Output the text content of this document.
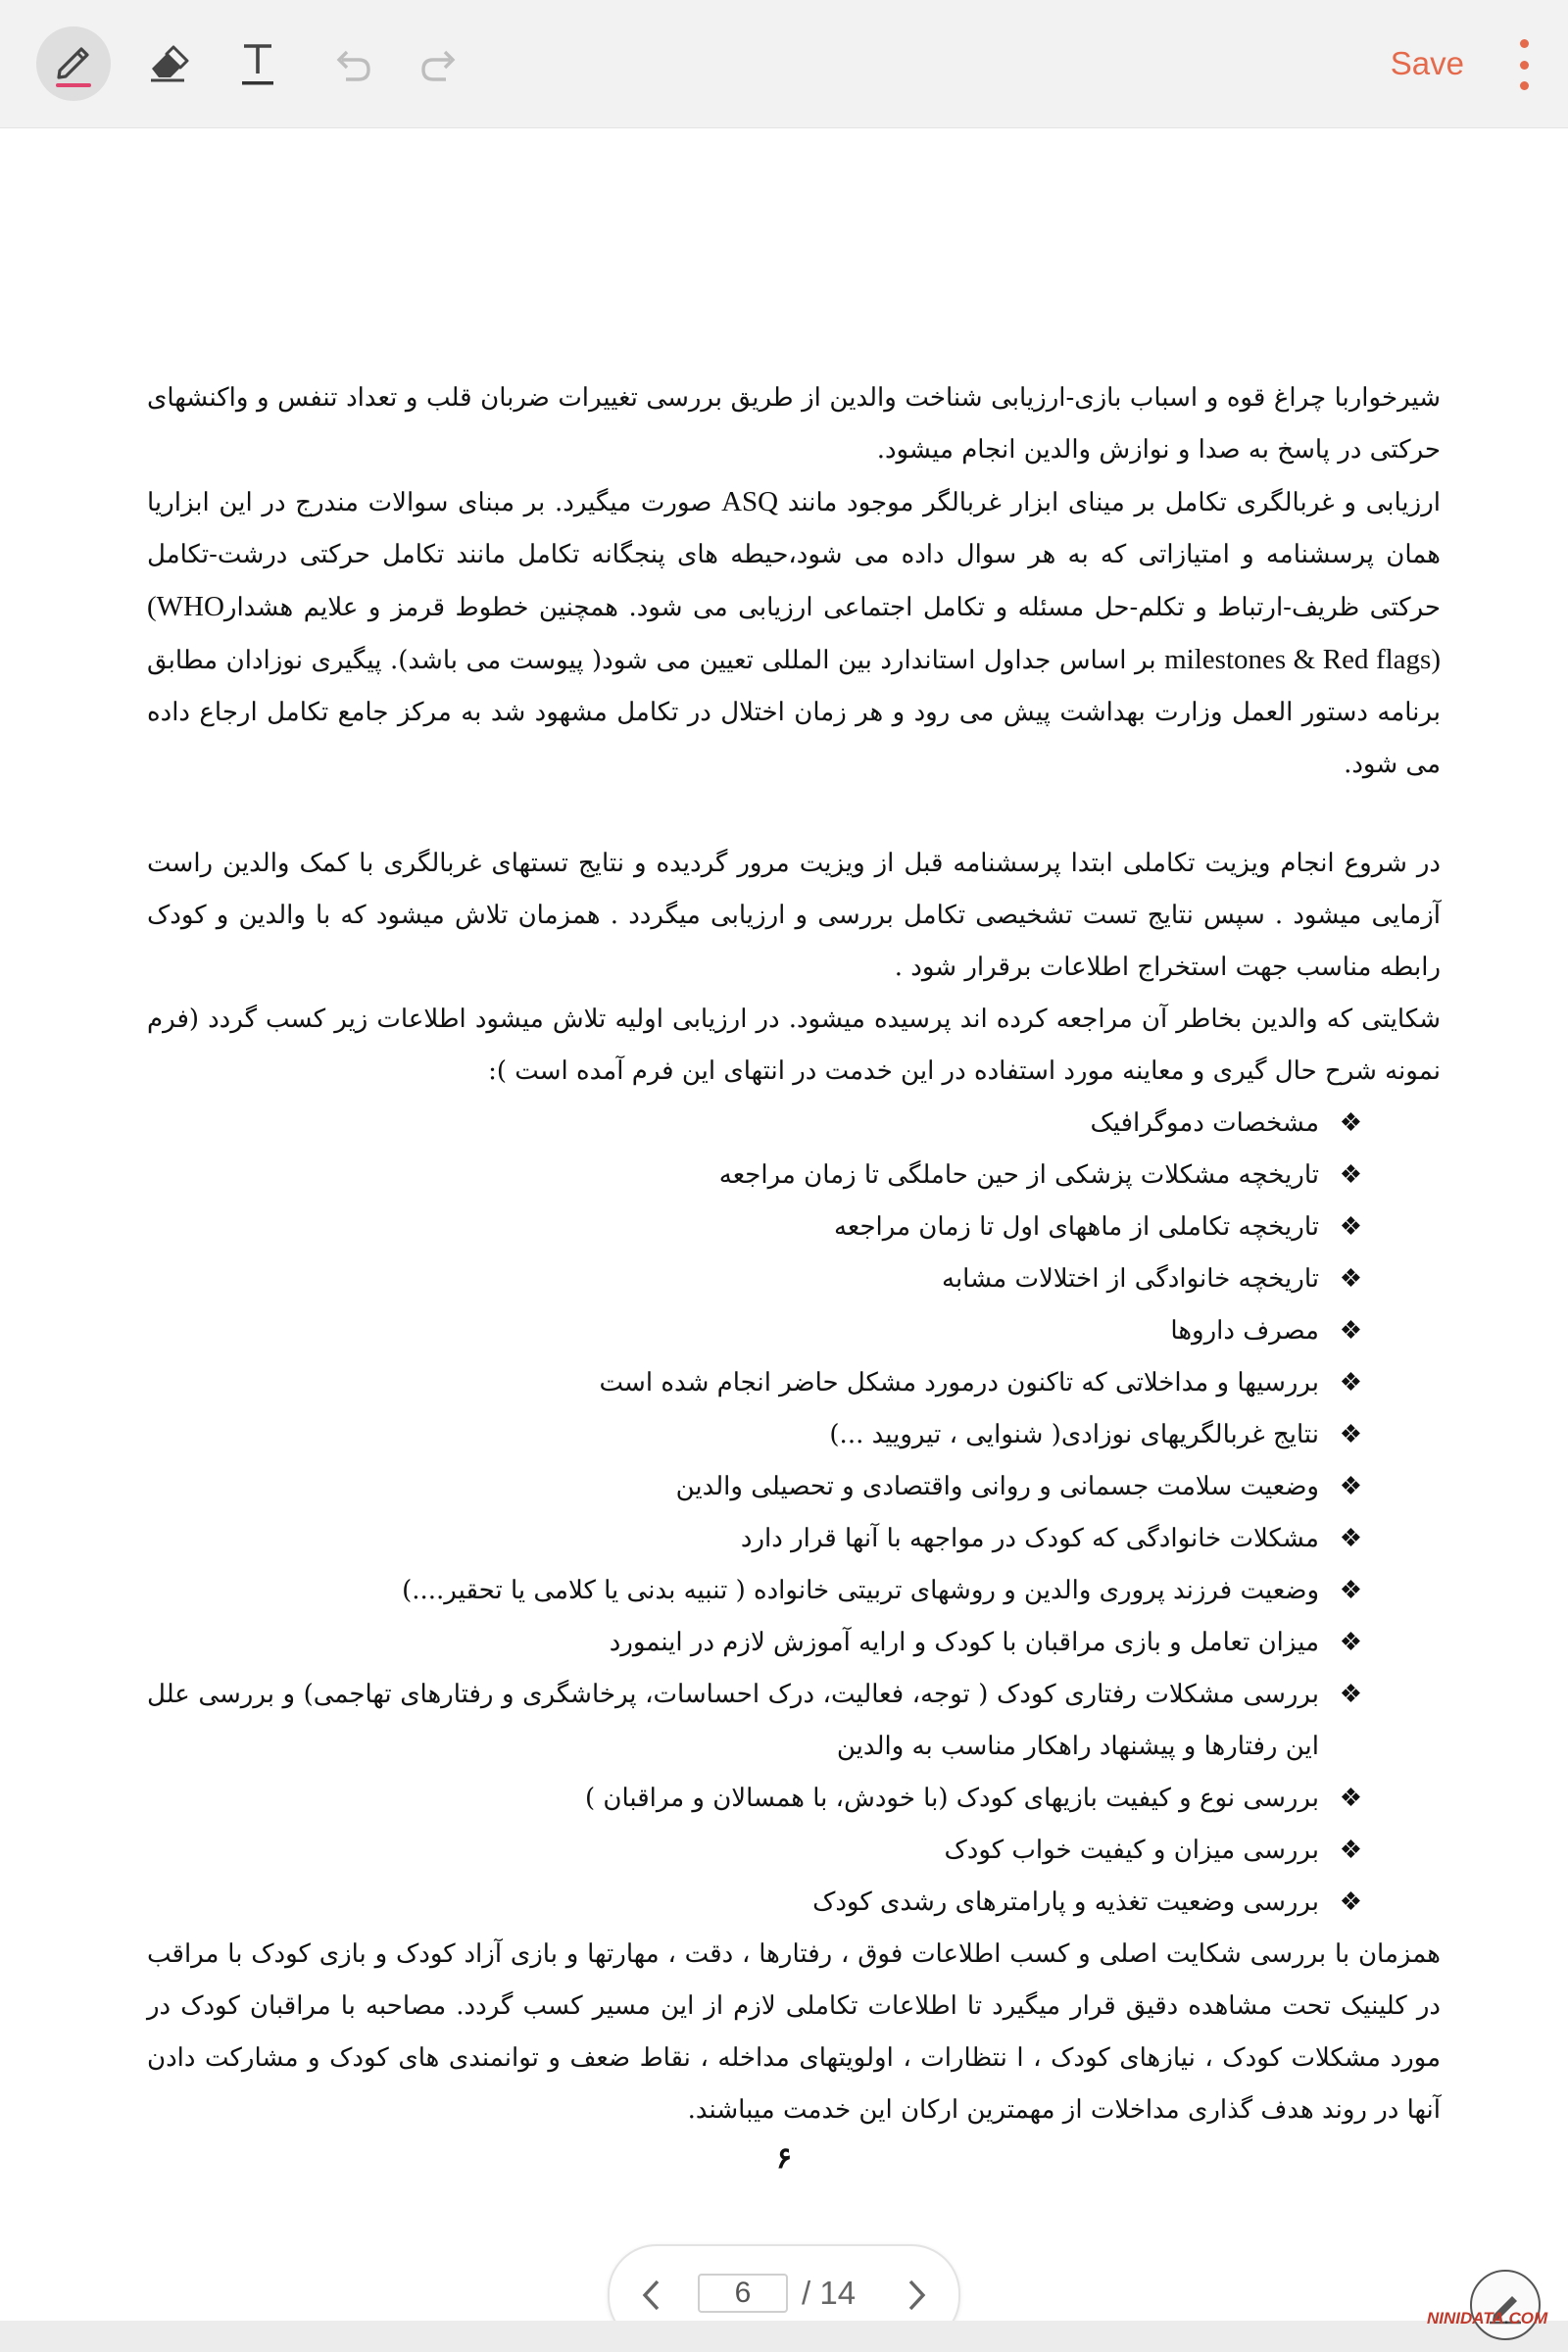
Save

شیرخواربا چراغ قوه و اسباب بازی-ارزیابی شناخت والدین از طریق بررسی تغییرات ضربان قلب و تعداد تنفس و واکنشهای حرکتی در پاسخ به صدا و نوازش والدین انجام میشود.

ارزیابی و غربالگری تکامل بر مینای ابزار غربالگر موجود مانند ASQ صورت میگیرد. بر مبنای سوالات مندرج در این ابزاریا همان پرسشنامه و امتیازاتی که به هر سوال داده می شود،حیطه های پنجگانه تکامل مانند تکامل حرکتی درشت-تکامل حرکتی ظریف-ارتباط و تکلم-حل مسئله و تکامل اجتماعی ارزیابی می شود. همچنین خطوط قرمز و علایم هشدار(WHO milestones & Red flags) بر اساس جداول استاندارد بین المللی تعیین می شود( پیوست می باشد). پیگیری نوزادان مطابق برنامه دستور العمل وزارت بهداشت پیش می رود و هر زمان اختلال در تکامل مشهود شد به مرکز جامع تکامل ارجاع داده می شود.

در شروع انجام ویزیت تکاملی ابتدا پرسشنامه قبل از ویزیت مرور گردیده و نتایج تستهای غربالگری با کمک والدین راست آزمایی میشود . سپس نتایج تست تشخیصی تکامل بررسی و ارزیابی میگردد . همزمان تلاش میشود که با والدین و کودک رابطه مناسب جهت استخراج اطلاعات برقرار شود .

شکایتی که والدین بخاطر آن مراجعه کرده اند پرسیده میشود. در ارزیابی اولیه تلاش میشود اطلاعات زیر کسب گردد (فرم نمونه شرح حال گیری و معاینه مورد استفاده در این خدمت در انتهای این فرم آمده است ):

❖ مشخصات دموگرافیک
❖ تاریخچه مشکلات پزشکی از حین حاملگی تا زمان مراجعه
❖ تاریخچه تکاملی از ماههای اول تا زمان مراجعه
❖ تاریخچه خانوادگی از اختلالات مشابه
❖ مصرف داروها
❖ بررسیها و مداخلاتی که تاکنون درمورد مشکل حاضر انجام شده است
❖ نتایج غربالگریهای نوزادی( شنوایی ، تیرویید ...)
❖ وضعیت سلامت جسمانی و روانی واقتصادی و تحصیلی والدین
❖ مشکلات خانوادگی که کودک در مواجهه با آنها قرار دارد
❖ وضعیت فرزند پروری والدین و روشهای تربیتی خانواده ( تنبیه بدنی یا کلامی یا تحقیر....)
❖ میزان تعامل و بازی مراقبان با کودک و ارایه آموزش لازم در اینمورد
❖ بررسی مشکلات رفتاری کودک ( توجه، فعالیت، درک احساسات، پرخاشگری و رفتارهای تهاجمی) و بررسی علل این رفتارها و پیشنهاد راهکار مناسب به والدین
❖ بررسی نوع و کیفیت بازیهای کودک (با خودش، با همسالان و مراقبان )
❖ بررسی میزان و کیفیت خواب کودک
❖ بررسی وضعیت تغذیه و پارامترهای رشدی کودک

همزمان با بررسی شکایت اصلی و کسب اطلاعات فوق ، رفتارها ، دقت ، مهارتها و بازی آزاد کودک و بازی کودک با مراقب در کلینیک تحت مشاهده دقیق قرار میگیرد تا اطلاعات تکاملی لازم از این مسیر کسب گردد. مصاحبه با مراقبان کودک در مورد مشکلات کودک ، نیازهای کودک ، ا نتظارات ، اولویتهای مداخله ، نقاط ضعف و توانمندی های کودک و مشارکت دادن آنها در روند هدف گذاری مداخلات از مهمترین ارکان این خدمت میباشند.

۶
6
/ 14
NINIDATA.COM
